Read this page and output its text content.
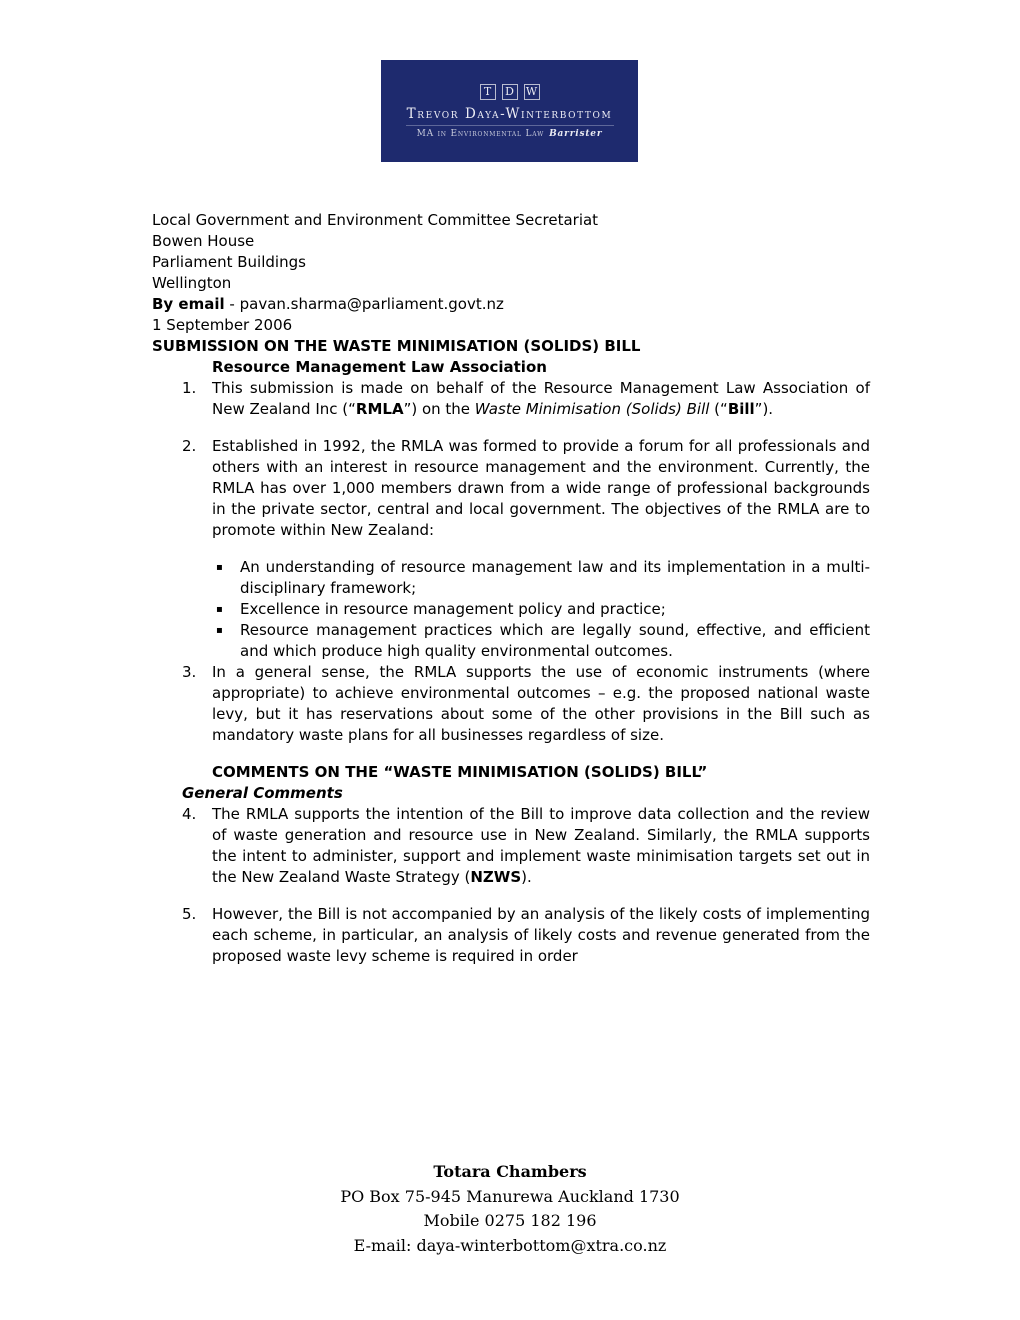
T	D	W
Trevor Daya-Winterbottom
MA in Environmental Law Barrister
Local Government and Environment Committee Secretariat
Bowen House
Parliament Buildings
Wellington

By email - pavan.sharma@parliament.govt.nz

1 September 2006

SUBMISSION ON THE WASTE MINIMISATION (SOLIDS) BILL

Resource Management Law Association

1.	This submission is made on behalf of the Resource Management Law Association of New Zealand Inc (“RMLA”) on the Waste Minimisation (Solids) Bill (“Bill”).
2.	Established in 1992, the RMLA was formed to provide a forum for all professionals and others with an interest in resource management and the environment. Currently, the RMLA has over 1,000 members drawn from a wide range of professional backgrounds in the private sector, central and local government. The objectives of the RMLA are to promote within New Zealand:
▪	An understanding of resource management law and its implementation in a multi-disciplinary framework;
▪	Excellence in resource management policy and practice;
▪	Resource management practices which are legally sound, effective, and efficient and which produce high quality environmental outcomes.
3.	In a general sense, the RMLA supports the use of economic instruments (where appropriate) to achieve environmental outcomes – e.g. the proposed national waste levy, but it has reservations about some of the other provisions in the Bill such as mandatory waste plans for all businesses regardless of size.

COMMENTS ON THE “WASTE MINIMISATION (SOLIDS) BILL”

General Comments

4.	The RMLA supports the intention of the Bill to improve data collection and the review of waste generation and resource use in New Zealand. Similarly, the RMLA supports the intent to administer, support and implement waste minimisation targets set out in the New Zealand Waste Strategy (NZWS).
5.	However, the Bill is not accompanied by an analysis of the likely costs of implementing each scheme, in particular, an analysis of likely costs and revenue generated from the proposed waste levy scheme is required in order
Totara Chambers
PO Box 75-945 Manurewa Auckland 1730
Mobile 0275 182 196
E-mail: daya-winterbottom@xtra.co.nz
